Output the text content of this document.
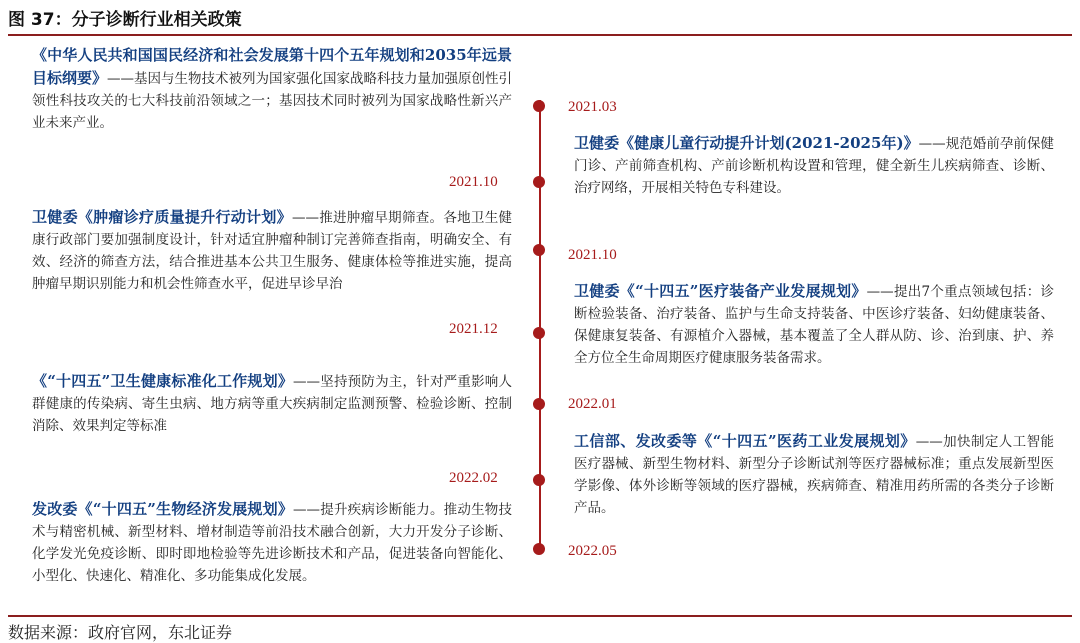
图 37：分子诊断行业相关政策
2021.03
2021.10
2021.10
2021.12
2022.01
2022.02
2022.05
《中华人民共和国国民经济和社会发展第十四个五年规划和2035年远景目标纲要》——基因与生物技术被列为国家强化国家战略科技力量加强原创性引领性科技攻关的七大科技前沿领域之一；基因技术同时被列为国家战略性新兴产业未来产业。
卫健委《肿瘤诊疗质量提升行动计划》——推进肿瘤早期筛查。各地卫生健康行政部门要加强制度设计，针对适宜肿瘤种制订完善筛查指南，明确安全、有效、经济的筛查方法，结合推进基本公共卫生服务、健康体检等推进实施，提高肿瘤早期识别能力和机会性筛查水平，促进早诊早治
《“十四五”卫生健康标准化工作规划》——坚持预防为主，针对严重影响人群健康的传染病、寄生虫病、地方病等重大疾病制定监测预警、检验诊断、控制消除、效果判定等标准
发改委《“十四五”生物经济发展规划》——提升疾病诊断能力。推动生物技术与精密机械、新型材料、增材制造等前沿技术融合创新，大力开发分子诊断、化学发光免疫诊断、即时即地检验等先进诊断技术和产品，促进装备向智能化、小型化、快速化、精准化、多功能集成化发展。
卫健委《健康儿童行动提升计划(2021-2025年)》——规范婚前孕前保健门诊、产前筛查机构、产前诊断机构设置和管理，健全新生儿疾病筛查、诊断、治疗网络，开展相关特色专科建设。
卫健委《“十四五”医疗装备产业发展规划》——提出7个重点领域包括：诊断检验装备、治疗装备、监护与生命支持装备、中医诊疗装备、妇幼健康装备、保健康复装备、有源植介入器械，基本覆盖了全人群从防、诊、治到康、护、养全方位全生命周期医疗健康服务装备需求。
工信部、发改委等《“十四五”医药工业发展规划》——加快制定人工智能医疗器械、新型生物材料、新型分子诊断试剂等医疗器械标准；重点发展新型医学影像、体外诊断等领域的医疗器械，疾病筛查、精准用药所需的各类分子诊断产品。
数据来源：政府官网，东北证券
